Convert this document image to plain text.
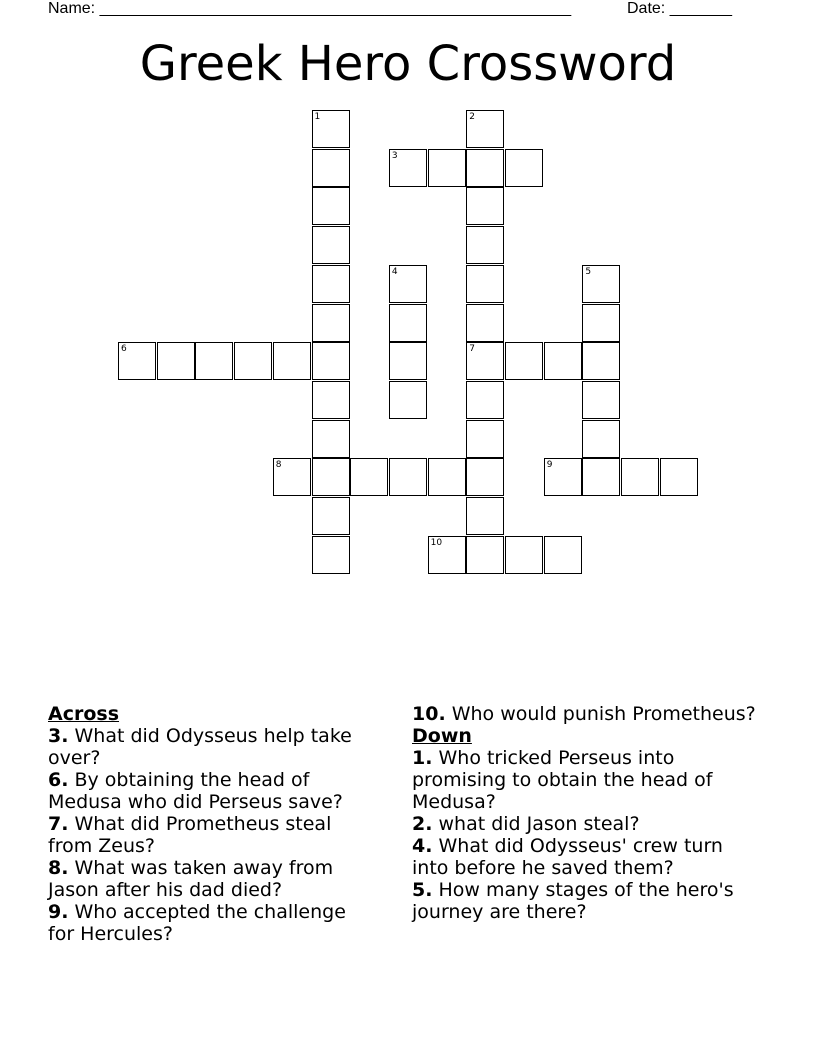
Name: _____________________________________________________	Date: _______
Greek Hero Crossword
1	2
3
4	5
6	7
8	9
10
Across
3. What did Odysseus help take over?
6. By obtaining the head of Medusa who did Perseus save?
7. What did Prometheus steal from Zeus?
8. What was taken away from Jason after his dad died?
9. Who accepted the challenge for Hercules?
10. Who would punish Prometheus?
Down
1. Who tricked Perseus into promising to obtain the head of Medusa?
2. what did Jason steal?
4. What did Odysseus' crew turn into before he saved them?
5. How many stages of the hero's journey are there?
